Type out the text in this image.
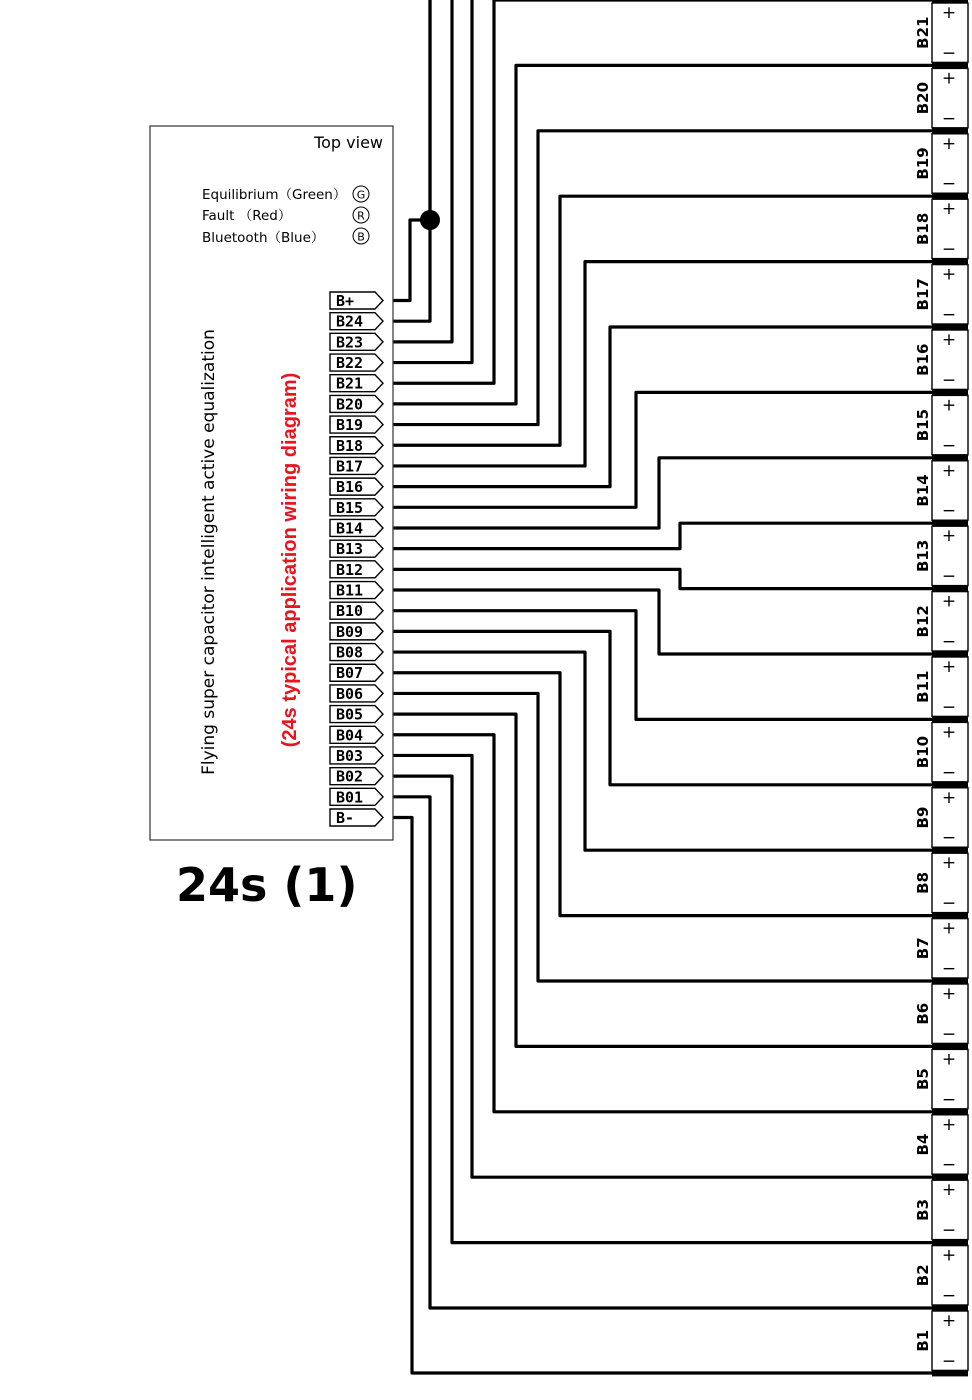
B+
B24
B23
B22
B21
B20
B19
B18
B17
B16
B15
B14
B13
B12
B11
B10
B09
B08
B07
B06
B05
B04
B03
B02
B01
B-
B21
+
−
B20
+
−
B19
+
−
B18
+
−
B17
+
−
B16
+
−
B15
+
−
B14
+
−
B13
+
−
B12
+
−
B11
+
−
B10
+
−
B9
+
−
B8
+
−
B7
+
−
B6
+
−
B5
+
−
B4
+
−
B3
+
−
B2
+
−
B1
+
−
Top view
Equilibrium（Green）
Fault （Red）
Bluetooth（Blue）
G
R
B
Flying super capacitor intelligent active equalization	(24s typical application wiring diagram)
24s (1)
